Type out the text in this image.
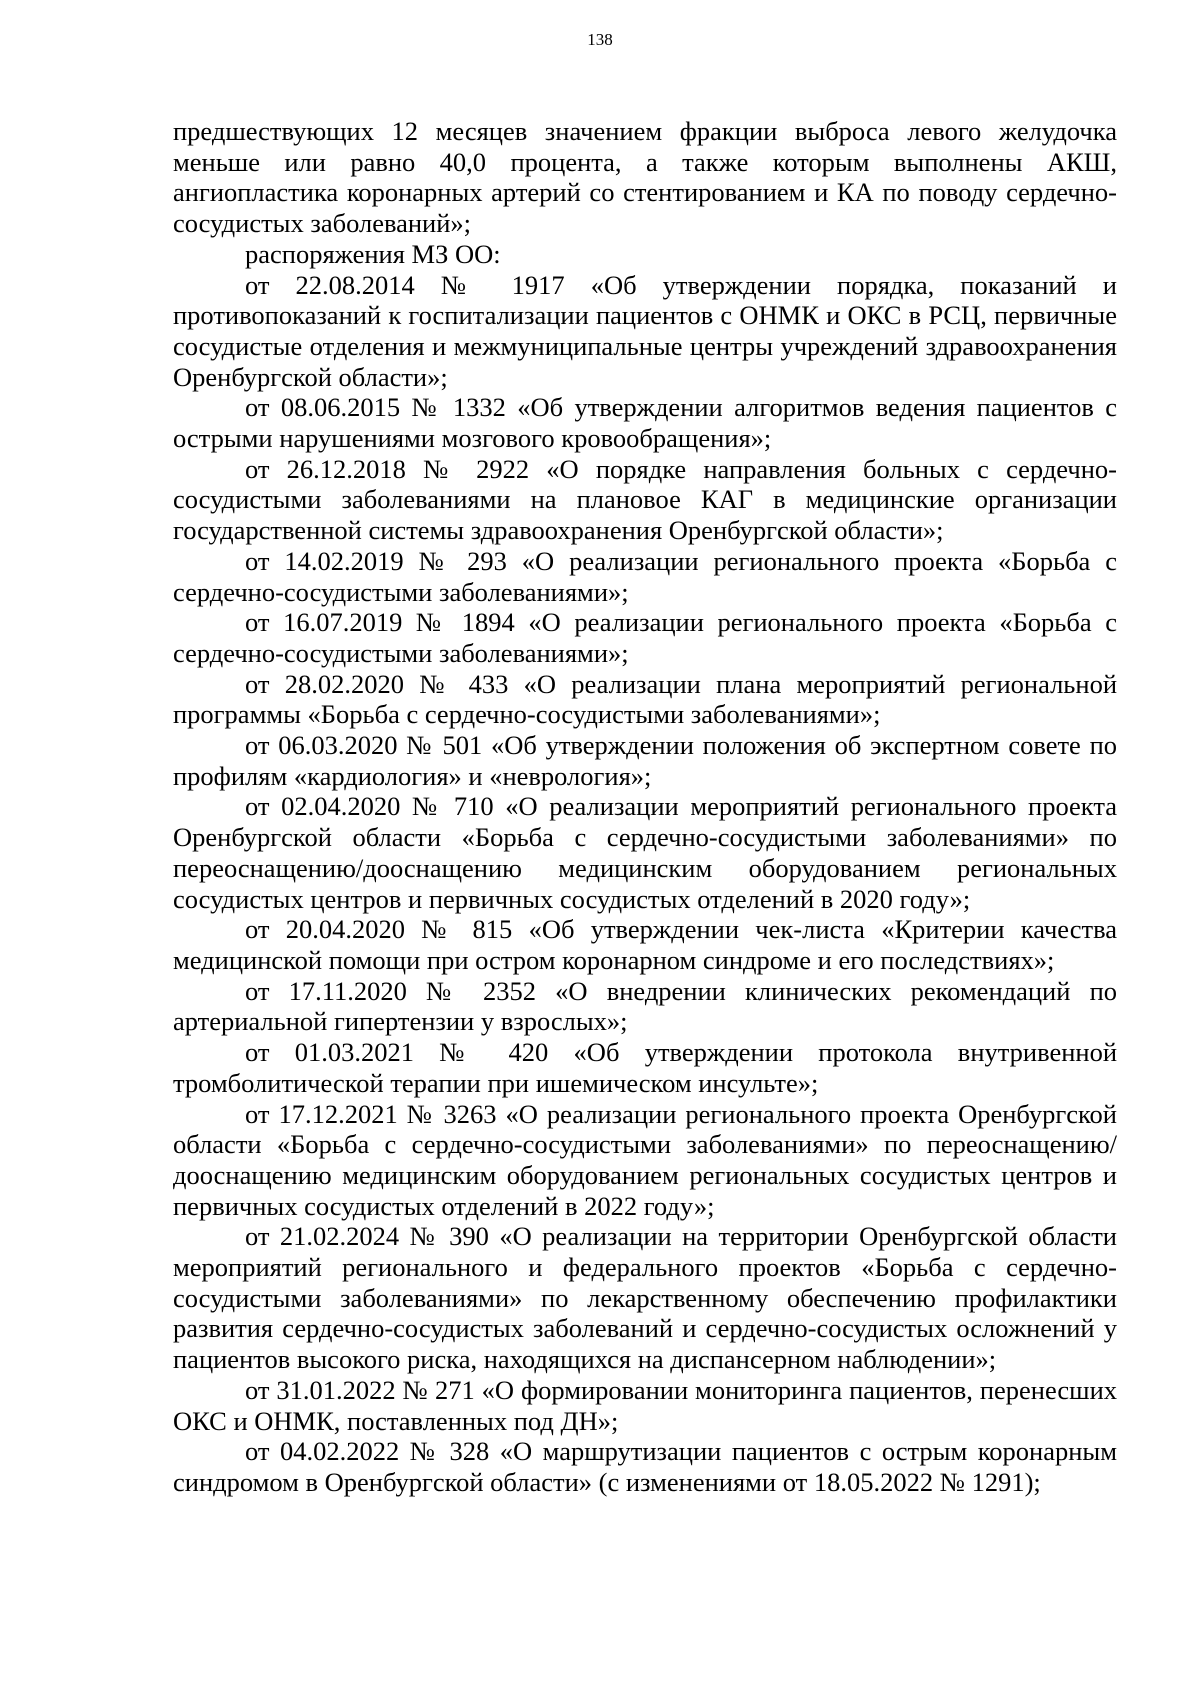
138

предшествующих 12 месяцев значением фракции выброса левого желудочка меньше или равно 40,0 процента, а также которым выполнены АКШ, ангиопластика коронарных артерий со стентированием и КА по поводу сердечно-сосудистых заболеваний»;

распоряжения МЗ ОО:

от 22.08.2014 № 1917 «Об утверждении порядка, показаний и противопоказаний к госпитализации пациентов с ОНМК и ОКС в РСЦ, первичные сосудистые отделения и межмуниципальные центры учреждений здравоохранения Оренбургской области»;

от 08.06.2015 № 1332 «Об утверждении алгоритмов ведения пациентов с острыми нарушениями мозгового кровообращения»;

от 26.12.2018 № 2922 «О порядке направления больных с сердечно-сосудистыми заболеваниями на плановое КАГ в медицинские организации государственной системы здравоохранения Оренбургской области»;

от 14.02.2019 № 293 «О реализации регионального проекта «Борьба с сердечно-сосудистыми заболеваниями»;

от 16.07.2019 № 1894 «О реализации регионального проекта «Борьба с сердечно-сосудистыми заболеваниями»;

от 28.02.2020 № 433 «О реализации плана мероприятий региональной программы «Борьба с сердечно-сосудистыми заболеваниями»;

от 06.03.2020 № 501 «Об утверждении положения об экспертном совете по профилям «кардиология» и «неврология»;

от 02.04.2020 № 710 «О реализации мероприятий регионального проекта Оренбургской области «Борьба с сердечно-сосудистыми заболеваниями» по переоснащению/дооснащению медицинским оборудованием региональных сосудистых центров и первичных сосудистых отделений в 2020 году»;

от 20.04.2020 № 815 «Об утверждении чек-листа «Критерии качества медицинской помощи при остром коронарном синдроме и его последствиях»;

от 17.11.2020 № 2352 «О внедрении клинических рекомендаций по артериальной гипертензии у взрослых»;

от 01.03.2021 № 420 «Об утверждении протокола внутривенной тромболитической терапии при ишемическом инсульте»;

от 17.12.2021 № 3263 «О реализации регионального проекта Оренбургской области «Борьба с сердечно-сосудистыми заболеваниями» по переоснащению/дооснащению медицинским оборудованием региональных сосудистых центров и первичных сосудистых отделений в 2022 году»;

от 21.02.2024 № 390 «О реализации на территории Оренбургской области мероприятий регионального и федерального проектов «Борьба с сердечно-сосудистыми заболеваниями» по лекарственному обеспечению профилактики развития сердечно-сосудистых заболеваний и сердечно-сосудистых осложнений у пациентов высокого риска, находящихся на диспансерном наблюдении»;

от 31.01.2022 № 271 «О формировании мониторинга пациентов, перенесших ОКС и ОНМК, поставленных под ДН»;

от 04.02.2022 № 328 «О маршрутизации пациентов с острым коронарным синдромом в Оренбургской области» (с изменениями от 18.05.2022 № 1291);
